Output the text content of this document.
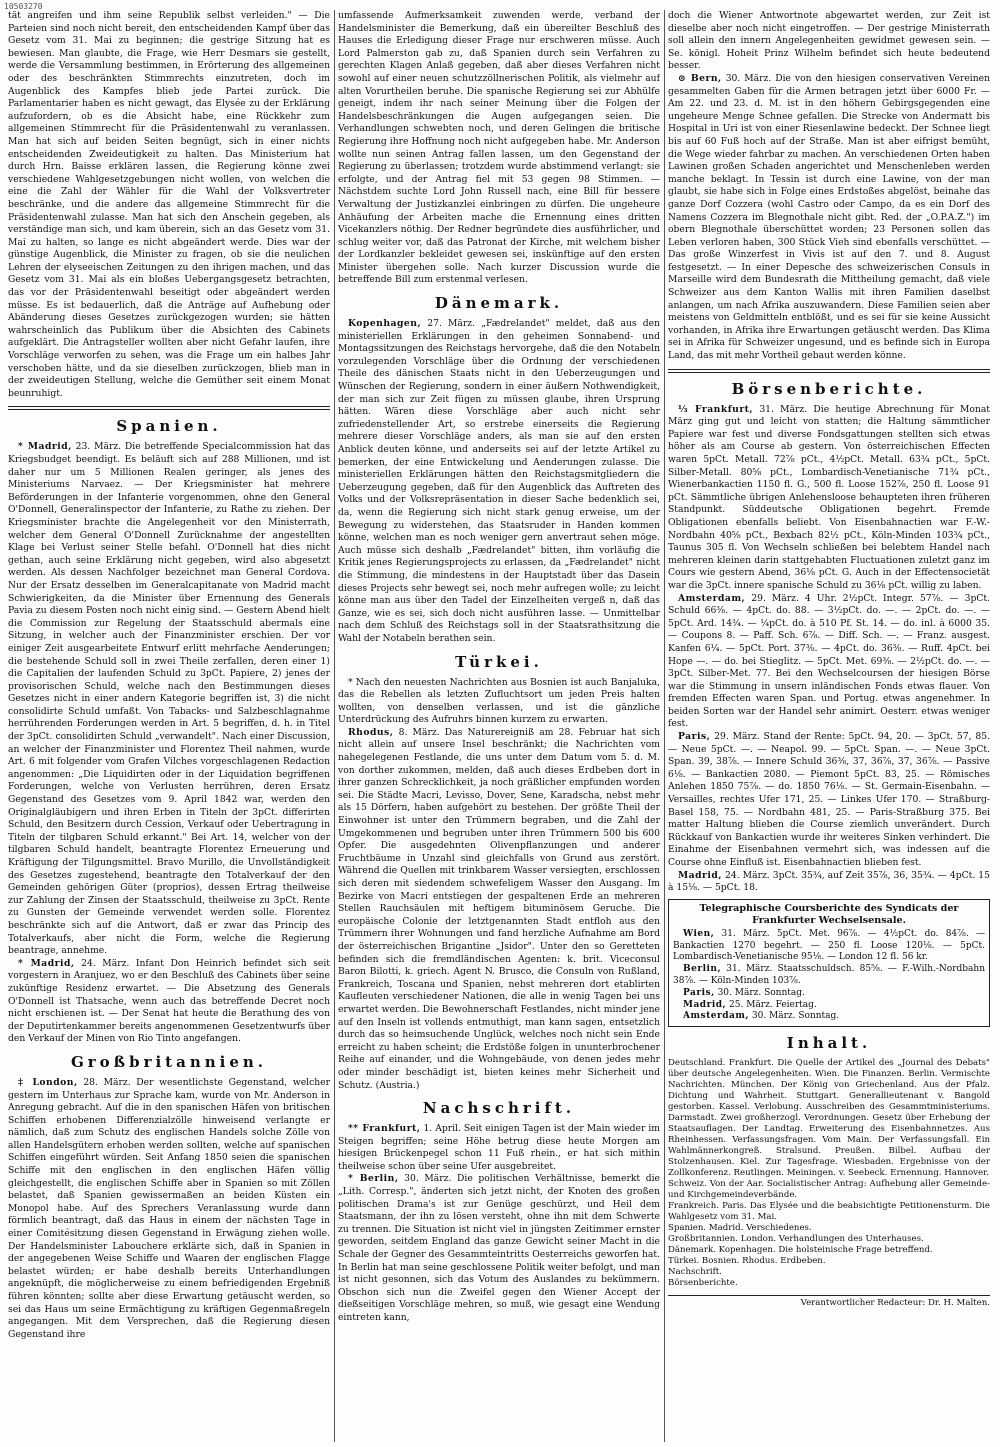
10503270

tät angreifen und ihm seine Republik selbst verleiden." — Die Parteien sind noch nicht bereit, den entscheidenden Kampf über das Gesetz vom 31. Mai zu beginnen; die gestrige Sitzung hat es bewiesen. Man glaubte, die Frage, wie Herr Desmars sie gestellt, werde die Versammlung bestimmen, in Erörterung des allgemeinen oder des beschränkten Stimmrechts einzutreten, doch im Augenblick des Kampfes blieb jede Partei zurück. Die Parlamentarier haben es nicht gewagt, das Elysée zu der Erklärung aufzufordern, ob es die Absicht habe, eine Rückkehr zum allgemeinen Stimmrecht für die Präsidentenwahl zu veranlassen. Man hat sich auf beiden Seiten begnügt, sich in einer nichts entscheidenden Zweideutigkeit zu halten. Das Ministerium hat durch Hrn. Baisse erklären lassen, die Regierung könne zwei verschiedene Wahlgesetzgebungen nicht wollen, von welchen die eine die Zahl der Wähler für die Wahl der Volksvertreter beschränke, und die andere das allgemeine Stimmrecht für die Präsidentenwahl zulasse. Man hat sich den Anschein gegeben, als verständige man sich, und kam überein, sich an das Gesetz vom 31. Mai zu halten, so lange es nicht abgeändert werde. Dies war der günstige Augenblick, die Minister zu fragen, ob sie die neulichen Lehren der elyseeischen Zeitungen zu den ihrigen machen, und das Gesetz vom 31. Mai als ein bloßes Uebergangsgesetz betrachten, das vor der Präsidentenwahl beseitigt oder abgeändert werden müsse. Es ist bedauerlich, daß die Anträge auf Aufhebung oder Abänderung dieses Gesetzes zurückgezogen wurden; sie hätten wahrscheinlich das Publikum über die Absichten des Cabinets aufgeklärt. Die Antragsteller wollten aber nicht Gefahr laufen, ihre Vorschläge verworfen zu sehen, was die Frage um ein halbes Jahr verschoben hätte, und da sie dieselben zurückzogen, blieb man in der zweideutigen Stellung, welche die Gemüther seit einem Monat beunruhigt.

Spanien.

* Madrid, 23. März. Die betreffende Specialcommission hat das Kriegsbudget beendigt. Es beläuft sich auf 288 Millionen, und ist daher nur um 5 Millionen Realen geringer, als jenes des Ministeriums Narvaez. — Der Kriegsminister hat mehrere Beförderungen in der Infanterie vorgenommen, ohne den General O'Donnell, Generalinspector der Infanterie, zu Rathe zu ziehen. Der Kriegsminister brachte die Angelegenheit vor den Ministerrath, welcher dem General O'Donnell Zurücknahme der angestellten Klage bei Verlust seiner Stelle befahl. O'Donnell hat dies nicht gethan, auch seine Erklärung nicht gegeben, wird also abgesetzt werden. Als dessen Nachfolger bezeichnet man General Cordova. Nur der Ersatz desselben im Generalcapitanate von Madrid macht Schwierigkeiten, da die Minister über Ernennung des Generals Pavia zu diesem Posten noch nicht einig sind. — Gestern Abend hielt die Commission zur Regelung der Staatsschuld abermals eine Sitzung, in welcher auch der Finanzminister erschien. Der vor einiger Zeit ausgearbeitete Entwurf erlitt mehrfache Aenderungen; die bestehende Schuld soll in zwei Theile zerfallen, deren einer 1) die Capitalien der laufenden Schuld zu 3pCt. Papiere, 2) jenes der provisorischen Schuld, welche nach den Bestimmungen dieses Gesetzes nicht in einer andern Kategorie begriffen ist, 3) die nicht consolidirte Schuld umfaßt. Von Tabacks- und Salzbeschlagnahme herrührenden Forderungen werden in Art. 5 begriffen, d. h. in Titel der 3pCt. consolidirten Schuld „verwandelt". Nach einer Discussion, an welcher der Finanzminister und Florentez Theil nahmen, wurde Art. 6 mit folgender vom Grafen Vilches vorgeschlagenen Redaction angenommen: „Die Liquidirten oder in der Liquidation begriffenen Forderungen, welche von Verlusten herrühren, deren Ersatz Gegenstand des Gesetzes vom 9. April 1842 war, werden den Originalgläubigern und ihren Erben in Titeln der 3pCt. differirten Schuld, den Besitzern durch Cession, Verkauf oder Uebertragung in Titeln der tilgbaren Schuld erkannt." Bei Art. 14, welcher von der tilgbaren Schuld handelt, beantragte Florentez Erneuerung und Kräftigung der Tilgungsmittel. Bravo Murillo, die Unvollständigkeit des Gesetzes zugestehend, beantragte den Totalverkauf der den Gemeinden gehörigen Güter (proprios), dessen Ertrag theilweise zur Zahlung der Zinsen der Staatsschuld, theilweise zu 3pCt. Rente zu Gunsten der Gemeinde verwendet werden solle. Florentez beschränkte sich auf die Antwort, daß er zwar das Princip des Totalverkaufs, aber nicht die Form, welche die Regierung beantrage, annehme.

* Madrid, 24. März. Infant Don Heinrich befindet sich seit vorgestern in Aranjuez, wo er den Beschluß des Cabinets über seine zukünftige Residenz erwartet. — Die Absetzung des Generals O'Donnell ist Thatsache, wenn auch das betreffende Decret noch nicht erschienen ist. — Der Senat hat heute die Berathung des von der Deputirtenkammer bereits angenommenen Gesetzentwurfs über den Verkauf der Minen von Rio Tinto angefangen.

Großbritannien.

‡ London, 28. März. Der wesentlichste Gegenstand, welcher gestern im Unterhaus zur Sprache kam, wurde von Mr. Anderson in Anregung gebracht. Auf die in den spanischen Häfen von britischen Schiffen erhobenen Differenzialzölle hinweisend verlangte er nämlich, daß zum Schutz des englischen Handels solche Zölle von allen Handelsgütern erhoben werden sollten, welche auf spanischen Schiffen eingeführt würden. Seit Anfang 1850 seien die spanischen Schiffe mit den englischen in den englischen Häfen völlig gleichgestellt, die englischen Schiffe aber in Spanien so mit Zöllen belastet, daß Spanien gewissermaßen an beiden Küsten ein Monopol habe. Auf des Sprechers Veranlassung wurde dann förmlich beantragt, daß das Haus in einem der nächsten Tage in einer Comitésitzung diesen Gegenstand in Erwägung ziehen wolle. Der Handelsminister Labouchere erklärte sich, daß in Spanien in der angegebenen Weise Schiffe und Waaren der englischen Flagge belastet würden; er habe deshalb bereits Unterhandlungen angeknüpft, die möglicherweise zu einem befriedigenden Ergebniß führen könnten; sollte aber diese Erwartung getäuscht werden, so sei das Haus um seine Ermächtigung zu kräftigen Gegenmaßregeln angegangen. Mit dem Versprechen, daß die Regierung diesen Gegenstand ihre

umfassende Aufmerksamkeit zuwenden werde, verband der Handelsminister die Bemerkung, daß ein übereilter Beschluß des Hauses die Erledigung dieser Frage nur erschweren müsse. Auch Lord Palmerston gab zu, daß Spanien durch sein Verfahren zu gerechten Klagen Anlaß gegeben, daß aber dieses Verfahren nicht sowohl auf einer neuen schutzzöllnerischen Politik, als vielmehr auf alten Vorurtheilen beruhe. Die spanische Regierung sei zur Abhülfe geneigt, indem ihr nach seiner Meinung über die Folgen der Handelsbeschränkungen die Augen aufgegangen seien. Die Verhandlungen schwebten noch, und deren Gelingen die britische Regierung ihre Hoffnung noch nicht aufgegeben habe. Mr. Anderson wollte nun seinen Antrag fallen lassen, um den Gegenstand der Regierung zu überlassen; trotzdem wurde abstimmend verlangt: sie erfolgte, und der Antrag fiel mit 53 gegen 98 Stimmen. — Nächstdem suchte Lord John Russell nach, eine Bill für bessere Verwaltung der Justizkanzlei einbringen zu dürfen. Die ungeheure Anhäufung der Arbeiten mache die Ernennung eines dritten Vicekanzlers nöthig. Der Redner begründete dies ausführlicher, und schlug weiter vor, daß das Patronat der Kirche, mit welchem bisher der Lordkanzler bekleidet gewesen sei, inskünftige auf den ersten Minister übergehen solle. Nach kurzer Discussion wurde die betreffende Bill zum erstenmal verlesen.

Dänemark.

Kopenhagen, 27. März. „Fædrelandet" meldet, daß aus den ministeriellen Erklärungen in den geheimen Sonnabend- und Montagssitzungen des Reichstags hervorgehe, daß die den Notabeln vorzulegenden Vorschläge über die Ordnung der verschiedenen Theile des dänischen Staats nicht in den Ueberzeugungen und Wünschen der Regierung, sondern in einer äußern Nothwendigkeit, der man sich zur Zeit fügen zu müssen glaube, ihren Ursprung hätten. Wären diese Vorschläge aber auch nicht sehr zufriedenstellender Art, so erstrebe einerseits die Regierung mehrere dieser Vorschläge anders, als man sie auf den ersten Anblick deuten könne, und anderseits sei auf der letzte Artikel zu bemerken, der eine Entwickelung und Aenderungen zulasse. Die ministeriellen Erklärungen hätten den Reichstagsmitgliedern die Ueberzeugung gegeben, daß für den Augenblick das Auftreten des Volks und der Volksrepräsentation in dieser Sache bedenklich sei, da, wenn die Regierung sich nicht stark genug erweise, um der Bewegung zu widerstehen, das Staatsruder in Handen kommen könne, welchen man es noch weniger gern anvertraut sehen möge. Auch müsse sich deshalb „Fædrelandet" bitten, ihm vorläufig die Kritik jenes Regierungsprojects zu erlassen, da „Fædrelandet" nicht die Stimmung, die mindestens in der Hauptstadt über das Dasein dieses Projects sehr bewegt sei, noch mehr aufregen wolle; zu leicht könne man aus über den Tadel der Einzelheiten vergeß n, daß das Ganze, wie es sei, sich doch nicht ausführen lasse. — Unmittelbar nach dem Schluß des Reichstags soll in der Staatsrathsitzung die Wahl der Notabeln berathen sein.

Türkei.

* Nach den neuesten Nachrichten aus Bosnien ist auch Banjaluka, das die Rebellen als letzten Zufluchtsort um jeden Preis halten wollten, von denselben verlassen, und ist die gänzliche Unterdrückung des Aufruhrs binnen kurzem zu erwarten.

Rhodus, 8. März. Das Naturereigniß am 28. Februar hat sich nicht allein auf unsere Insel beschränkt; die Nachrichten vom nahegelegenen Festlande, die uns unter dem Datum vom 5. d. M. von dorther zukommen, melden, daß auch dieses Erdbeben dort in ihrer ganzen Schrecklichkeit, ja noch gräßlicher empfunden worden sei. Die Städte Macri, Levisso, Dover, Sene, Karadscha, nebst mehr als 15 Dörfern, haben aufgehört zu bestehen. Der größte Theil der Einwohner ist unter den Trümmern begraben, und die Zahl der Umgekommenen und begruben unter ihren Trümmern 500 bis 600 Opfer. Die ausgedehnten Olivenpflanzungen und anderer Fruchtbäume in Unzahl sind gleichfalls von Grund aus zerstört. Während die Quellen mit trinkbarem Wasser versiegten, erschlossen sich deren mit siedendem schwefeligem Wasser den Ausgang. Im Bezirke von Macri entstiegen der gespaltenen Erde an mehreren Stellen Rauchsäulen mit heftigem bituminösem Geruche. Die europäische Colonie der letztgenannten Stadt entfloh aus den Trümmern ihrer Wohnungen und fand herzliche Aufnahme am Bord der österreichischen Brigantine „Jsidor". Unter den so Geretteten befinden sich die fremdländischen Agenten: k. brit. Viceconsul Baron Bilotti, k. griech. Agent N. Brusco, die Consuln von Rußland, Frankreich, Toscana und Spanien, nebst mehreren dort etablirten Kaufleuten verschiedener Nationen, die alle in wenig Tagen bei uns erwartet werden. Die Bewohnerschaft Festlandes, nicht minder jene auf den Inseln ist vollends entmuthigt, man kann sagen, entsetzlich durch das so heimsuchende Unglück, welches noch nicht sein Ende erreicht zu haben scheint; die Erdstöße folgen in ununterbrochener Reihe auf einander, und die Wohngebäude, von denen jedes mehr oder minder beschädigt ist, bieten keines mehr Sicherheit und Schutz. (Austria.)

Nachschrift.

** Frankfurt, 1. April. Seit einigen Tagen ist der Main wieder im Steigen begriffen; seine Höhe betrug diese heute Morgen am hiesigen Brückenpegel schon 11 Fuß rhein., er hat sich mithin theilweise schon über seine Ufer ausgebreitet.

* Berlin, 30. März. Die politischen Verhältnisse, bemerkt die „Lith. Corresp.", änderten sich jetzt nicht, der Knoten des großen politischen Drama's ist zur Genüge geschürzt, und Heil dem Staatsmann, der ihn zu lösen versteht, ohne ihn mit dem Schwerte zu trennen. Die Situation ist nicht viel in jüngsten Zeitimmer ernster geworden, seitdem England das ganze Gewicht seiner Macht in die Schale der Gegner des Gesammteintritts Oesterreichs geworfen hat. In Berlin hat man seine geschlossene Politik weiter befolgt, und man ist nicht gesonnen, sich das Votum des Auslandes zu bekümmern. Obschon sich nun die Zweifel gegen den Wiener Accept der dießseitigen Vorschläge mehren, so muß, wie gesagt eine Wendung eintreten kann,

doch die Wiener Antwortnote abgewartet werden, zur Zeit ist dieselbe aber noch nicht eingetroffen. — Der gestrige Ministerrath soll allein den innern Angelegenheiten gewidmet gewesen sein. — Se. königl. Hoheit Prinz Wilhelm befindet sich heute bedeutend besser.

⊙ Bern, 30. März. Die von den hiesigen conservativen Vereinen gesammelten Gaben für die Armen betragen jetzt über 6000 Fr. — Am 22. und 23. d. M. ist in den höhern Gebirgsgegenden eine ungeheure Menge Schnee gefallen. Die Strecke von Andermatt bis Hospital in Uri ist von einer Riesenlawine bedeckt. Der Schnee liegt bis auf 60 Fuß hoch auf der Straße. Man ist aber eifrigst bemüht, die Wege wieder fahrbar zu machen. An verschiedenen Orten haben Lawinen großen Schaden angerichtet und Menschenleben werden manche beklagt. In Tessin ist durch eine Lawine, von der man glaubt, sie habe sich in Folge eines Erdstoßes abgelöst, beinahe das ganze Dorf Cozzera (wohl Castro oder Campo, da es ein Dorf des Namens Cozzera im Blegnothale nicht gibt. Red. der „O.P.A.Z.") im obern Blegnothale überschüttet worden; 23 Personen sollen das Leben verloren haben, 300 Stück Vieh sind ebenfalls verschüttet. — Das große Winzerfest in Vivis ist auf den 7. und 8. August festgesetzt. — In einer Depesche des schweizerischen Consuls in Marseille wird dem Bundesrath die Mittheilung gemacht, daß viele Schweizer aus dem Kanton Wallis mit ihren Familien daselbst anlangen, um nach Afrika auszuwandern. Diese Familien seien aber meistens von Geldmitteln entblößt, und es sei für sie keine Aussicht vorhanden, in Afrika ihre Erwartungen getäuscht werden. Das Klima sei in Afrika für Schweizer ungesund, und es befinde sich in Europa Land, das mit mehr Vortheil gebaut werden könne.

Börsenberichte.

⅓ Frankfurt, 31. März. Die heutige Abrechnung für Monat März ging gut und leicht von statten; die Haltung sämmtlicher Papiere war fest und diverse Fondsgattungen stellten sich etwas höher als am Course ab gestern. Von österreichischen Effecten waren 5pCt. Metall. 72⅞ pCt., 4½pCt. Metall. 63¾ pCt., 5pCt. Silber-Metall. 80⅝ pCt., Lombardisch-Venetianische 71¾ pCt., Wienerbankactien 1150 fl. G., 500 fl. Loose 152⅞, 250 fl. Loose 91 pCt. Sämmtliche übrigen Anlehensloose behaupteten ihren früheren Standpunkt. Süddeutsche Obligationen begehrt. Fremde Obligationen ebenfalls beliebt. Von Eisenbahnactien war F.-W.-Nordbahn 40⅝ pCt., Bexbach 82½ pCt., Köln-Minden 103¾ pCt., Taunus 305 fl. Von Wechseln schließen bei belebtem Handel nach mehreren kleinen darin stattgehabten Fluctuationen zuletzt ganz im Cours wie gestern Abend, 36⅛ pCt. G. Auch in der Effectensocietät war die 3pCt. innere spanische Schuld zu 36⅛ pCt. willig zu laben.

Amsterdam, 29. März. 4 Uhr. 2½pCt. Integr. 57⅞. — 3pCt. Schuld 66⅜. — 4pCt. do. 88. — 3½pCt. do. —. — 2pCt. do. —. — 5pCt. Ard. 14¾. — ¼pCt. do. à 510 Pf. St. 14. — do. inl. à 6000 35. — Coupons 8. — Paff. Sch. 6⅞. — Diff. Sch. —. — Franz. ausgest. Kanfen 6¼. — 5pCt. Port. 37⅜. — 4pCt. do. 36⅜. — Ruff. 4pCt. bei Hope —. — do. bei Stieglitz. — 5pCt. Met. 69⅜. — 2½pCt. do. —. — 3pCt. Silber-Met. 77. Bei den Wechselcoursen der hiesigen Börse war die Stimmung in unsern inländischen Fonds etwas flauer. Von fremden Effecten waren Span. und Portug. etwas angenehmer. In beiden Sorten war der Handel sehr animirt. Oesterr. etwas weniger fest.

Paris, 29. März. Stand der Rente: 5pCt. 94, 20. — 3pCt. 57, 85. — Neue 5pCt. —. — Neapol. 99. — 5pCt. Span. —. — Neue 3pCt. Span. 39, 38⅞. — Innere Schuld 36⅜, 37, 36⅞, 37, 36⅞. — Passive 6⅛. — Bankactien 2080. — Piemont 5pCt. 83, 25. — Römisches Anlehen 1850 75⅞. — do. 1850 76⅛. — St. Germain-Eisenbahn. — Versailles, rechtes Ufer 171, 25. — Linkes Ufer 170. — Straßburg-Basel 158, 75. — Nordbahn 481, 25. — Paris-Straßburg 375. Bei matter Haltung blieben die Course ziemlich unverändert. Durch Rückkauf von Bankactien wurde ihr weiteres Sinken verhindert. Die Einahme der Eisenbahnen vermehrt sich, was indessen auf die Course ohne Einfluß ist. Eisenbahnactien blieben fest.

Madrid, 24. März. 3pCt. 35¾, auf Zeit 35⅞, 36, 35¾. — 4pCt. 15 à 15⅛. — 5pCt. 18.

Telegraphische Coursberichte des Syndicats der Frankfurter Wechselsensale.

Wien, 31. März. 5pCt. Met. 96⅞. — 4½pCt. do. 84⅞. — Bankactien 1270 begehrt. — 250 fl. Loose 120⅛. — 5pCt. Lombardisch-Venetianische 95⅛. — London 12 fl. 56 kr.

Berlin, 31. März. Staatsschuldsch. 85⅝. — F.-Wilh.-Nordbahn 38⅞. — Köln-Minden 103⅞.

Paris, 30. März. Sonntag.

Madrid, 25. März. Feiertag.

Amsterdam, 30. März. Sonntag.

Inhalt.

Deutschland. Frankfurt. Die Quelle der Artikel des „Journal des Debats" über deutsche Angelegenheiten. Wien. Die Finanzen. Berlin. Vermischte Nachrichten. München. Der König von Griechenland. Aus der Pfalz. Dichtung und Wahrheit. Stuttgart. Generallieutenant v. Bangold gestorben. Kassel. Verlobung. Ausschreiben des Gesammtministeriums. Darmstadt. Zwei großherzogl. Verordnungen. Gesetz über Erhebung der Staatsauflagen. Der Landtag. Erweiterung des Eisenbahnnetzes. Aus Rheinhessen. Verfassungsfragen. Vom Main. Der Verfassungsfall. Ein Wahlmännerkongreß. Stralsund. Preußen. Bilbel. Aufbau der Stolzenhausen. Kiel. Zur Tagesfrage. Wiesbaden. Ergebnisse von der Zollkonferenz. Reutlingen. Meiningen. v. Seebeck. Ernennung. Hannover.

Schweiz. Von der Aar. Socialistischer Antrag: Aufhebung aller Gemeinde- und Kirchgemeindeverbände.

Frankreich. Paris. Das Elysée und die beabsichtigte Petitionensturm. Die Wahlgesetz vom 31. Mai.

Spanien. Madrid. Verschiedenes.

Großbritannien. London. Verhandlungen des Unterhauses.

Dänemark. Kopenhagen. Die holsteinische Frage betreffend.

Türkei. Bosnien. Rhodus. Erdbeben.

Nachschrift.

Börsenberichte.

Verantwortlicher Redacteur: Dr. H. Malten.
